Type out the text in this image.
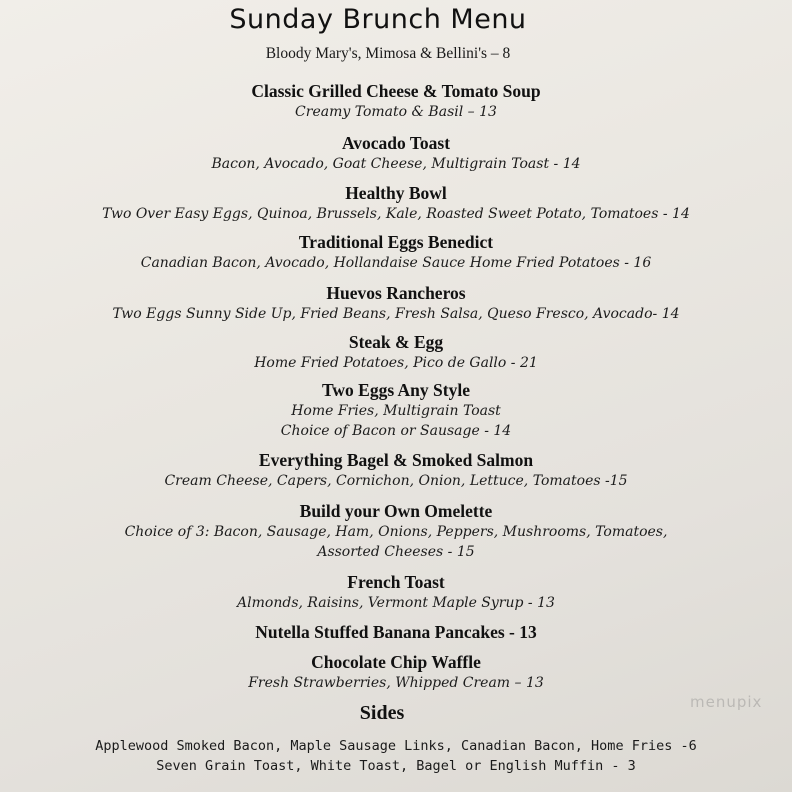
Sunday Brunch Menu
Bloody Mary's, Mimosa & Bellini's – 8
Classic Grilled Cheese & Tomato Soup
Creamy Tomato & Basil – 13
Avocado Toast
Bacon, Avocado, Goat Cheese, Multigrain Toast - 14
Healthy Bowl
Two Over Easy Eggs, Quinoa, Brussels, Kale, Roasted Sweet Potato, Tomatoes - 14
Traditional Eggs Benedict
Canadian Bacon, Avocado, Hollandaise Sauce Home Fried Potatoes - 16
Huevos Rancheros
Two Eggs Sunny Side Up, Fried Beans, Fresh Salsa, Queso Fresco, Avocado- 14
Steak & Egg
Home Fried Potatoes, Pico de Gallo - 21
Two Eggs Any Style
Home Fries, Multigrain Toast
Choice of Bacon or Sausage - 14
Everything Bagel & Smoked Salmon
Cream Cheese, Capers, Cornichon, Onion, Lettuce, Tomatoes -15
Build your Own Omelette
Choice of 3: Bacon, Sausage, Ham, Onions, Peppers, Mushrooms, Tomatoes,
Assorted Cheeses - 15
French Toast
Almonds, Raisins, Vermont Maple Syrup - 13
Nutella Stuffed Banana Pancakes - 13
Chocolate Chip Waffle
Fresh Strawberries, Whipped Cream – 13
Sides
Applewood Smoked Bacon, Maple Sausage Links, Canadian Bacon, Home Fries -6
Seven Grain Toast, White Toast, Bagel or English Muffin - 3
menupix
